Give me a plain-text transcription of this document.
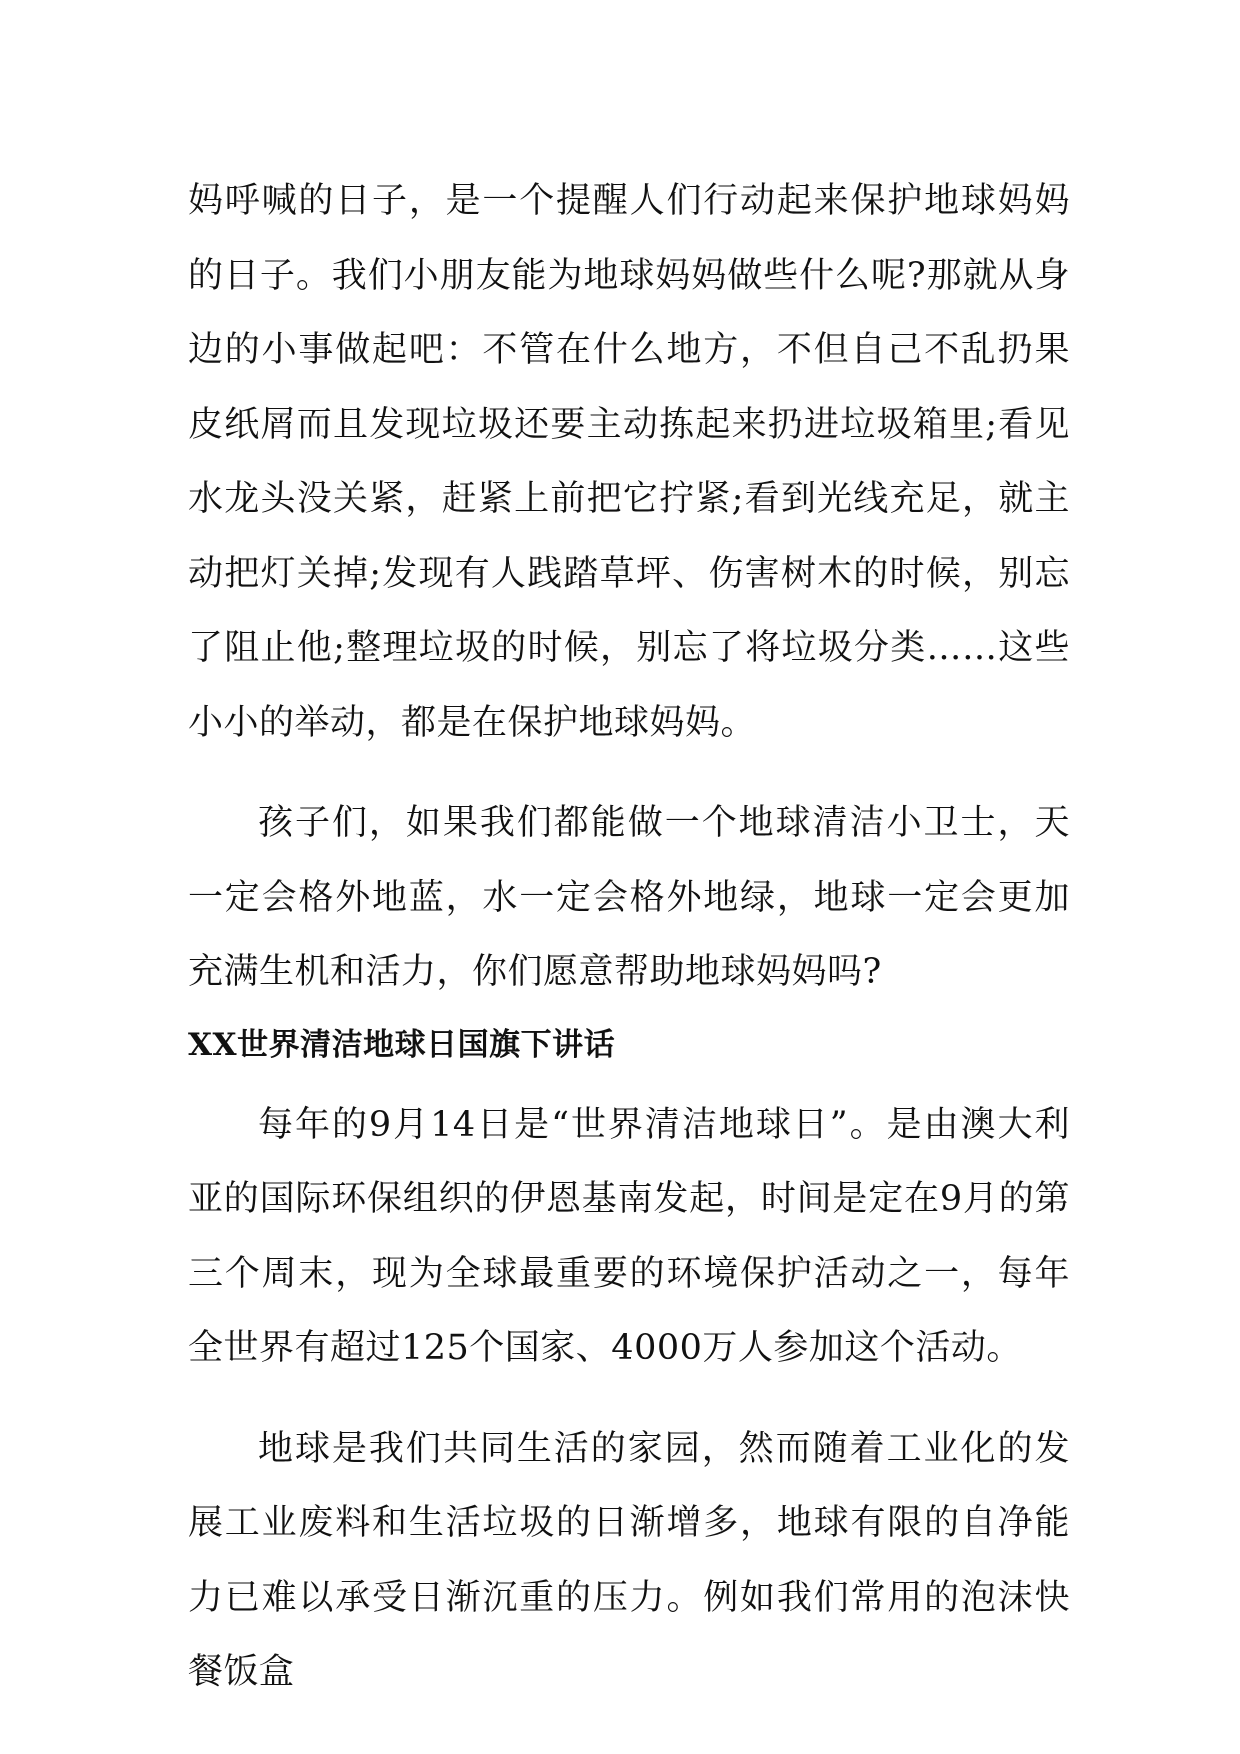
妈呼喊的日子，是一个提醒人们行动起来保护地球妈妈的日子。我们小朋友能为地球妈妈做些什么呢?那就从身边的小事做起吧：不管在什么地方，不但自己不乱扔果皮纸屑而且发现垃圾还要主动拣起来扔进垃圾箱里;看见水龙头没关紧，赶紧上前把它拧紧;看到光线充足，就主动把灯关掉;发现有人践踏草坪、伤害树木的时候，别忘了阻止他;整理垃圾的时候，别忘了将垃圾分类……这些小小的举动，都是在保护地球妈妈。

孩子们，如果我们都能做一个地球清洁小卫士，天一定会格外地蓝，水一定会格外地绿，地球一定会更加充满生机和活力，你们愿意帮助地球妈妈吗?

XX世界清洁地球日国旗下讲话

每年的9月14日是“世界清洁地球日”。是由澳大利亚的国际环保组织的伊恩基南发起，时间是定在9月的第三个周末，现为全球最重要的环境保护活动之一，每年全世界有超过125个国家、4000万人参加这个活动。

地球是我们共同生活的家园，然而随着工业化的发展工业废料和生活垃圾的日渐增多，地球有限的自净能力已难以承受日渐沉重的压力。例如我们常用的泡沫快餐饭盒
